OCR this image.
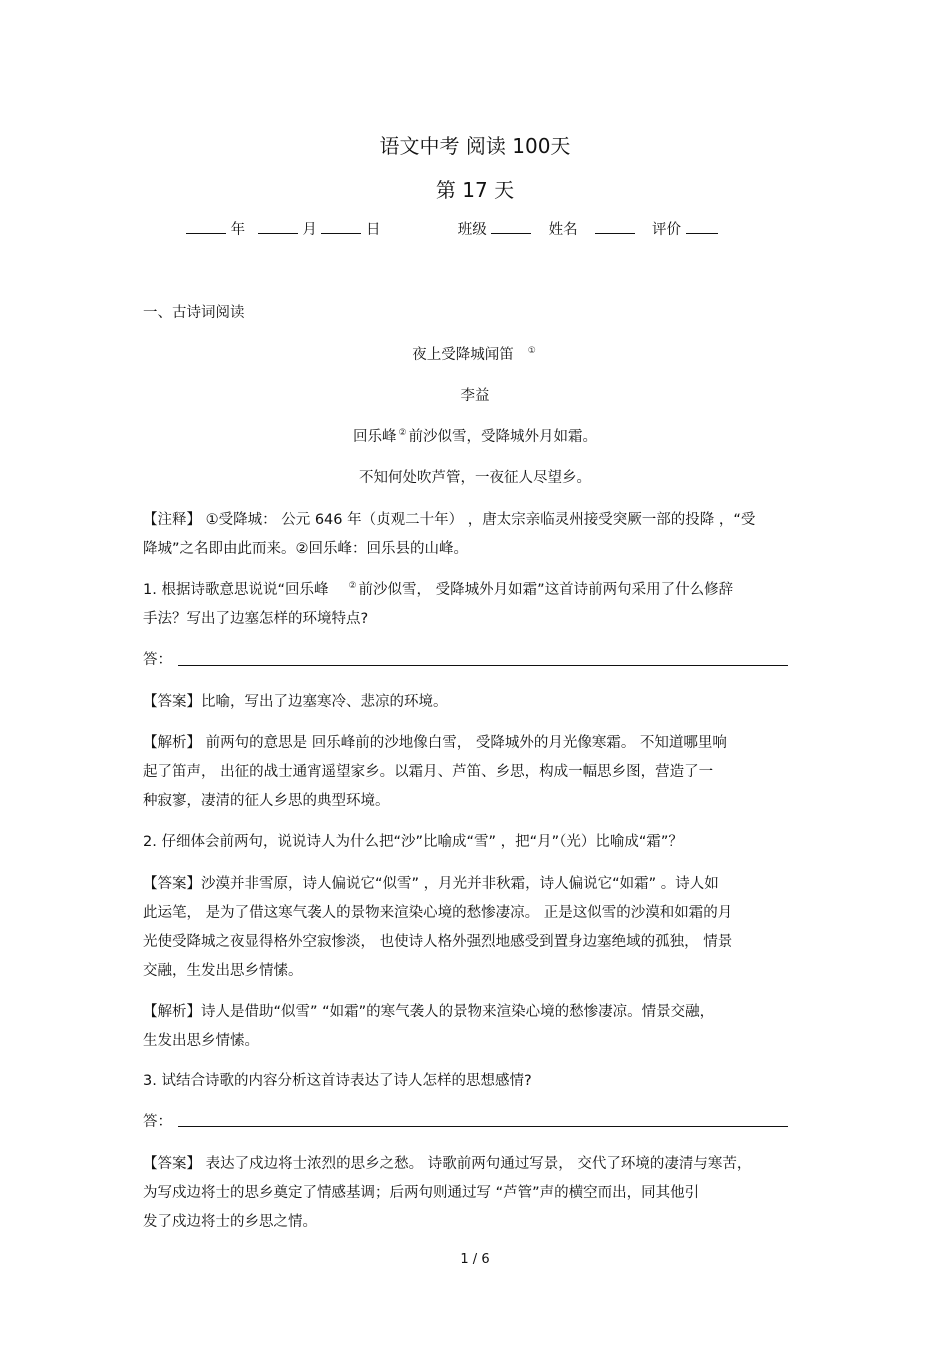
语文中考 阅读 100天
第 17 天
年	月	日	班级	姓名	评价
一、古诗词阅读
夜上受降城闻笛 ①
李益
回乐峰 ② 前沙似雪，受降城外月如霜。
不知何处吹芦管，一夜征人尽望乡。
【注释】 ①受降城： 公元 646 年（贞观二十年） ，唐太宗亲临灵州接受突厥一部的投降 ，“受
降城”之名即由此而来。②回乐峰：回乐县的山峰。
1. 根据诗歌意思说说“回乐峰 ② 前沙似雪， 受降城外月如霜”这首诗前两句采用了什么修辞
手法？写出了边塞怎样的环境特点?
答：
【答案】比喻，写出了边塞寒冷、悲凉的环境。
【解析】 前两句的意思是 回乐峰前的沙地像白雪， 受降城外的月光像寒霜。 不知道哪里响
起了笛声， 出征的战士通宵遥望家乡。以霜月、芦笛、乡思，构成一幅思乡图，营造了一
种寂寥，凄清的征人乡思的典型环境。
2. 仔细体会前两句，说说诗人为什么把“沙”比喻成“雪” ，把“月”（光）比喻成“霜”？
【答案】沙漠并非雪原，诗人偏说它“似雪” ，月光并非秋霜，诗人偏说它“如霜” 。诗人如
此运笔， 是为了借这寒气袭人的景物来渲染心境的愁惨凄凉。 正是这似雪的沙漠和如霜的月
光使受降城之夜显得格外空寂惨淡， 也使诗人格外强烈地感受到置身边塞绝域的孤独， 情景
交融，生发出思乡情愫。
【解析】诗人是借助“似雪” “如霜”的寒气袭人的景物来渲染心境的愁惨凄凉。情景交融，
生发出思乡情愫。
3. 试结合诗歌的内容分析这首诗表达了诗人怎样的思想感情?
答：
【答案】 表达了戍边将士浓烈的思乡之愁。 诗歌前两句通过写景， 交代了环境的凄清与寒苦，
为写戍边将士的思乡奠定了情感基调；后两句则通过写 “芦管”声的横空而出，同其他引
发了戍边将士的乡思之情。
1 / 6
